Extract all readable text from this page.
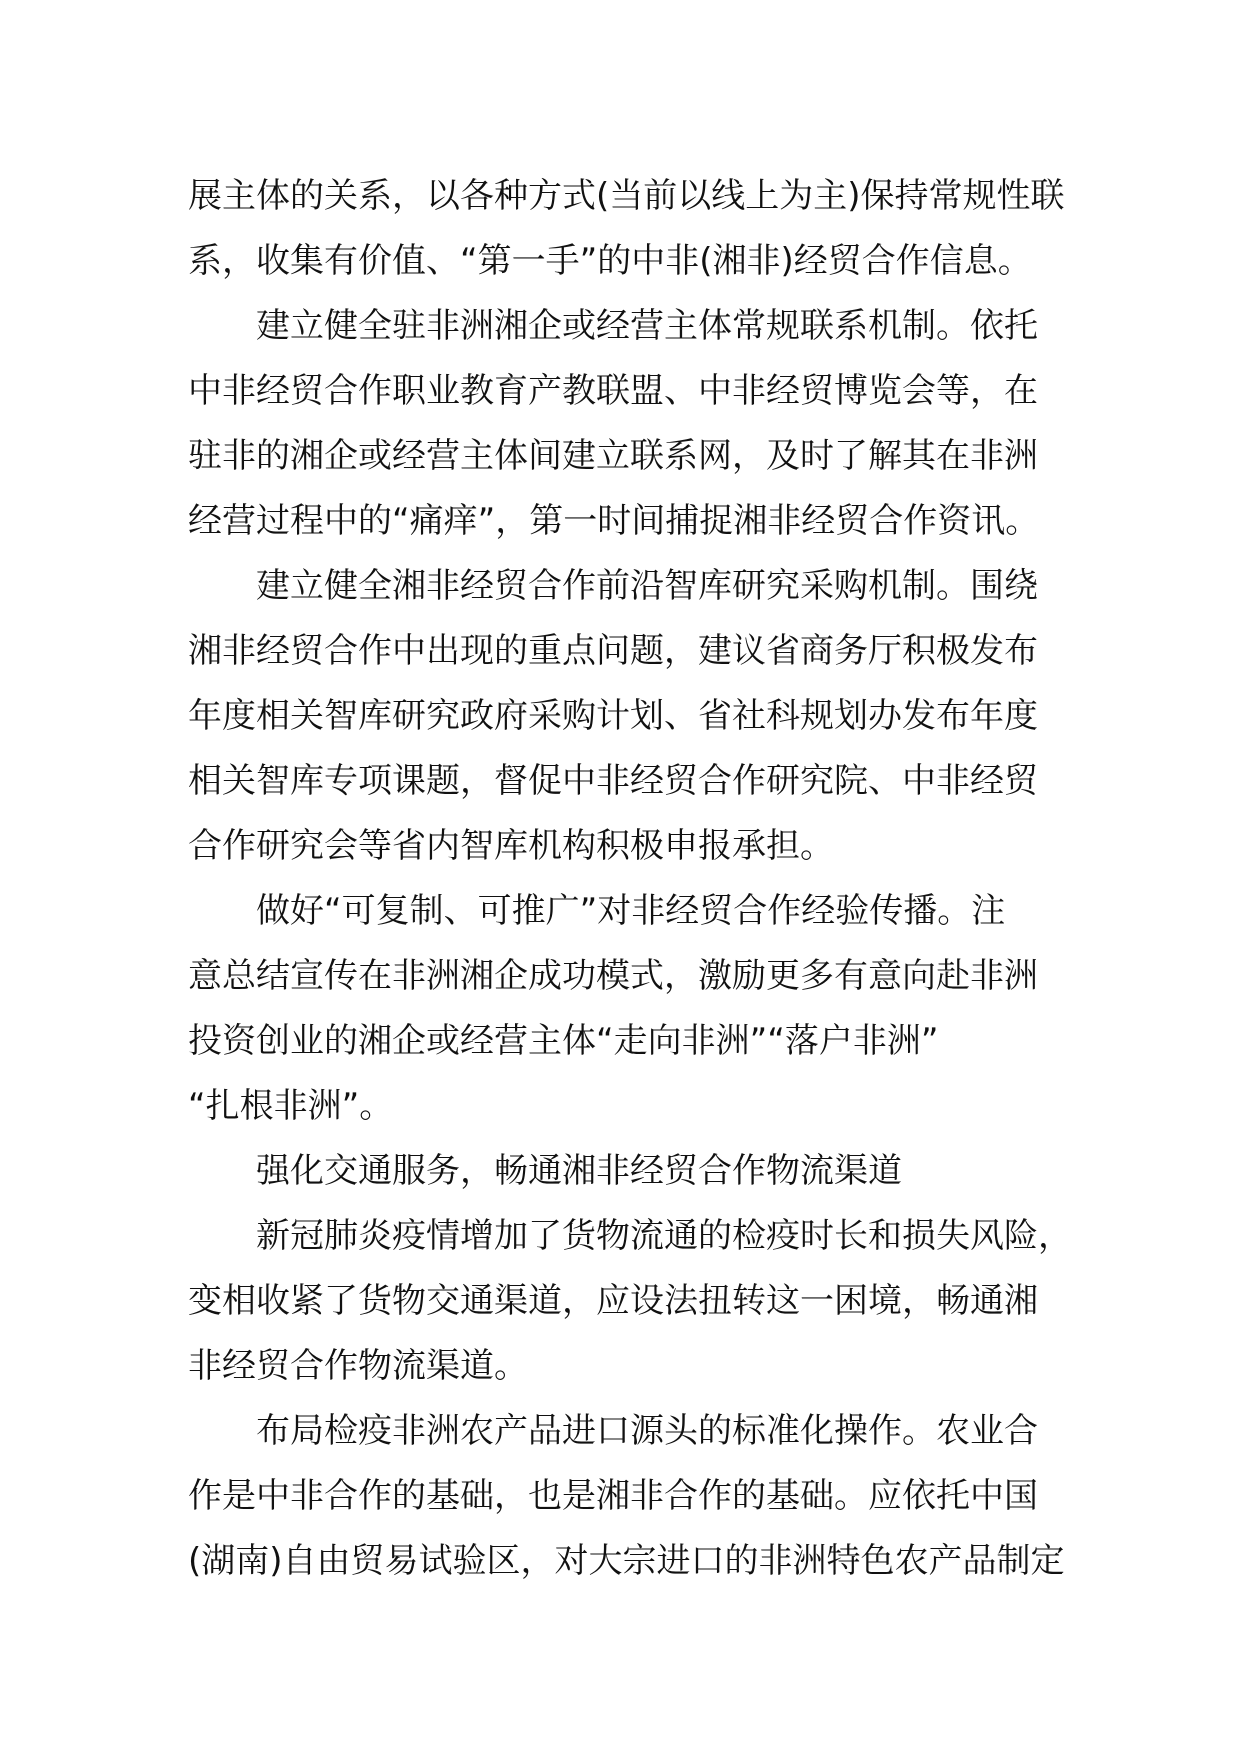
展主体的关系，以各种方式(当前以线上为主)保持常规性联
系，收集有价值、“第一手”的中非(湘非)经贸合作信息。
建立健全驻非洲湘企或经营主体常规联系机制。依托
中非经贸合作职业教育产教联盟、中非经贸博览会等，在
驻非的湘企或经营主体间建立联系网，及时了解其在非洲
经营过程中的“痛痒”，第一时间捕捉湘非经贸合作资讯。
建立健全湘非经贸合作前沿智库研究采购机制。围绕
湘非经贸合作中出现的重点问题，建议省商务厅积极发布
年度相关智库研究政府采购计划、省社科规划办发布年度
相关智库专项课题，督促中非经贸合作研究院、中非经贸
合作研究会等省内智库机构积极申报承担。
做好“可复制、可推广”对非经贸合作经验传播。注
意总结宣传在非洲湘企成功模式，激励更多有意向赴非洲
投资创业的湘企或经营主体“走向非洲”“落户非洲”
“扎根非洲”。
强化交通服务，畅通湘非经贸合作物流渠道
新冠肺炎疫情增加了货物流通的检疫时长和损失风险，
变相收紧了货物交通渠道，应设法扭转这一困境，畅通湘
非经贸合作物流渠道。
布局检疫非洲农产品进口源头的标准化操作。农业合
作是中非合作的基础，也是湘非合作的基础。应依托中国
(湖南)自由贸易试验区，对大宗进口的非洲特色农产品制定
